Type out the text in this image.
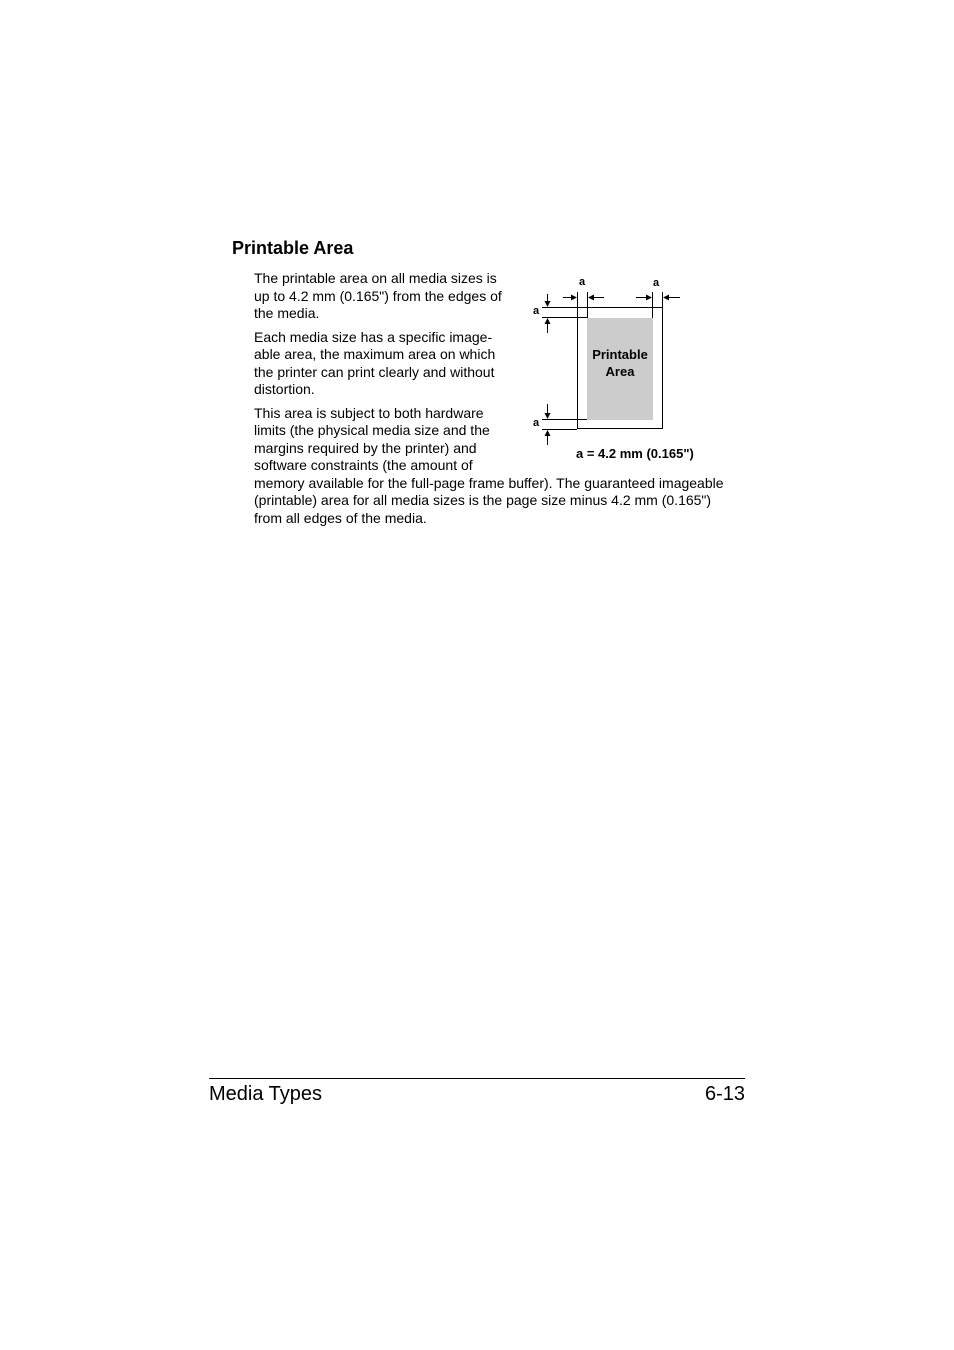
Printable Area

The printable area on all media sizes is up to 4.2 mm (0.165") from the edges of the media.

Each media size has a specific image-able area, the maximum area on which the printer can print clearly and without distortion.

This area is subject to both hardware limits (the physical media size and the margins required by the printer) and software constraints (the amount of
memory available for the full-page frame buffer). The guaranteed imageable (printable) area for all media sizes is the page size minus 4.2 mm (0.165") from all edges of the media.
a	a
a
a
Printable
Area
a = 4.2 mm (0.165")
Media Types	6-13
